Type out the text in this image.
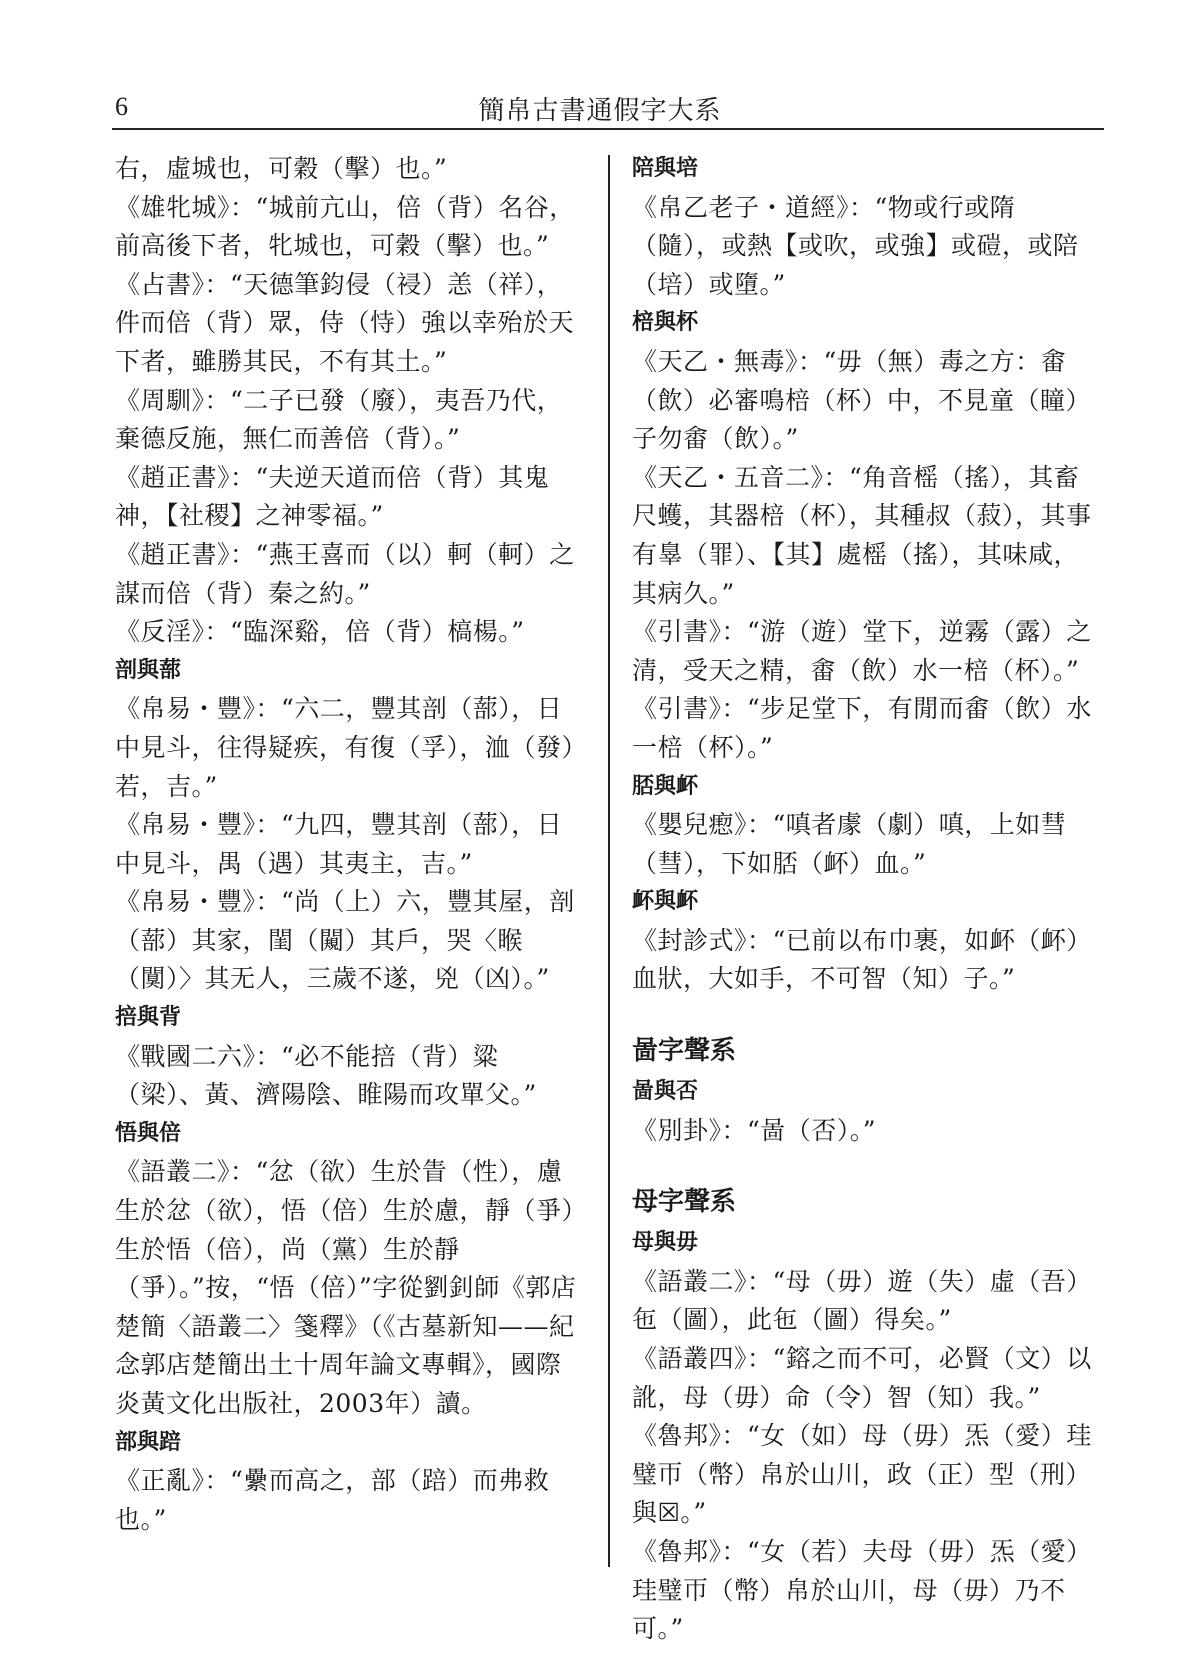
6	簡帛古書通假字大系
右，虛城也，可穀（擊）也。”
《雄牝城》：“城前亢山，倍（背）名谷，前高後下者，牝城也，可穀（擊）也。”
《占書》：“天德筆鈞侵（祲）恙（祥），件而倍（背）眾，侍（恃）強以幸殆於天下者，雖勝其民，不有其土。”
《周馴》：“二子已發（廢），夷吾乃代，棄德反施，無仁而善倍（背）。”
《趙正書》：“夫逆天道而倍（背）其鬼神，【社稷】之神零福。”
《趙正書》：“燕王喜而（以）軻（軻）之謀而倍（背）秦之約。”
《反淫》：“臨深谿，倍（背）槁楊。”
剖與蔀
《帛易・豐》：“六二，豐其剖（蔀），日中見斗，往得疑疾，有復（孚），洫（發）若，吉。”
《帛易・豐》：“九四，豐其剖（蔀），日中見斗，禺（遇）其夷主，吉。”
《帛易・豐》：“尚（上）六，豐其屋，剖（蔀）其家，閨（闚）其戶，哭〈睺（闃）〉其无人，三歲不遂，兇（凶）。”
掊與背
《戰國二六》：“必不能掊（背）粱（梁）、黃、濟陽陰、睢陽而攻單父。”
悟與倍
《語叢二》：“忿（欲）生於眚（性），慮生於忿（欲），悟（倍）生於慮，靜（爭）生於悟（倍），尚（黨）生於靜（爭）。”按，“悟（倍）”字從劉釗師《郭店楚簡〈語叢二〉箋釋》（《古墓新知——紀念郭店楚簡出土十周年論文專輯》，國際炎黃文化出版社，2003年）讀。
部與踣
《正亂》：“纍而高之，部（踣）而弗救也。”
陪與培
《帛乙老子・道經》：“物或行或隋（隨），或熱【或吹，或強】或磑，或陪（培）或墮。”
棓與杯
《天乙・無毒》：“毋（無）毒之方：畬（飲）必審鳴棓（杯）中，不見童（瞳）子勿畬（飲）。”
《天乙・五音二》：“角音榣（搖），其畜尺蠖，其器棓（杯），其種叔（菽），其事有辠（罪）、【其】處榣（搖），其味咸，其病久。”
《引書》：“游（遊）堂下，逆霧（露）之清，受天之精，畬（飲）水一棓（杯）。”
《引書》：“步足堂下，有閒而畬（飲）水一棓（杯）。”
脴與衃
《嬰兒瘛》：“嗔者豦（劇）嗔，上如彗（彗），下如脴（衃）血。”
衃與衃
《封診式》：“已前以布巾裹，如衃（衃）血狀，大如手，不可智（知）子。”
啚字聲系
啚與否
《別卦》：“啚（否）。”
母字聲系
母與毋
《語叢二》：“母（毋）遊（失）虛（吾）㐌（圖），此㐌（圖）得矣。”
《語叢四》：“鎔之而不可，必賢（文）以訛，母（毋）命（令）智（知）我。”
《魯邦》：“女（如）母（毋）炁（愛）珪璧帀（幣）帛於山川，政（正）型（刑）與☒。”
《魯邦》：“女（若）夫母（毋）炁（愛）珪璧帀（幣）帛於山川，母（毋）乃不可。”
